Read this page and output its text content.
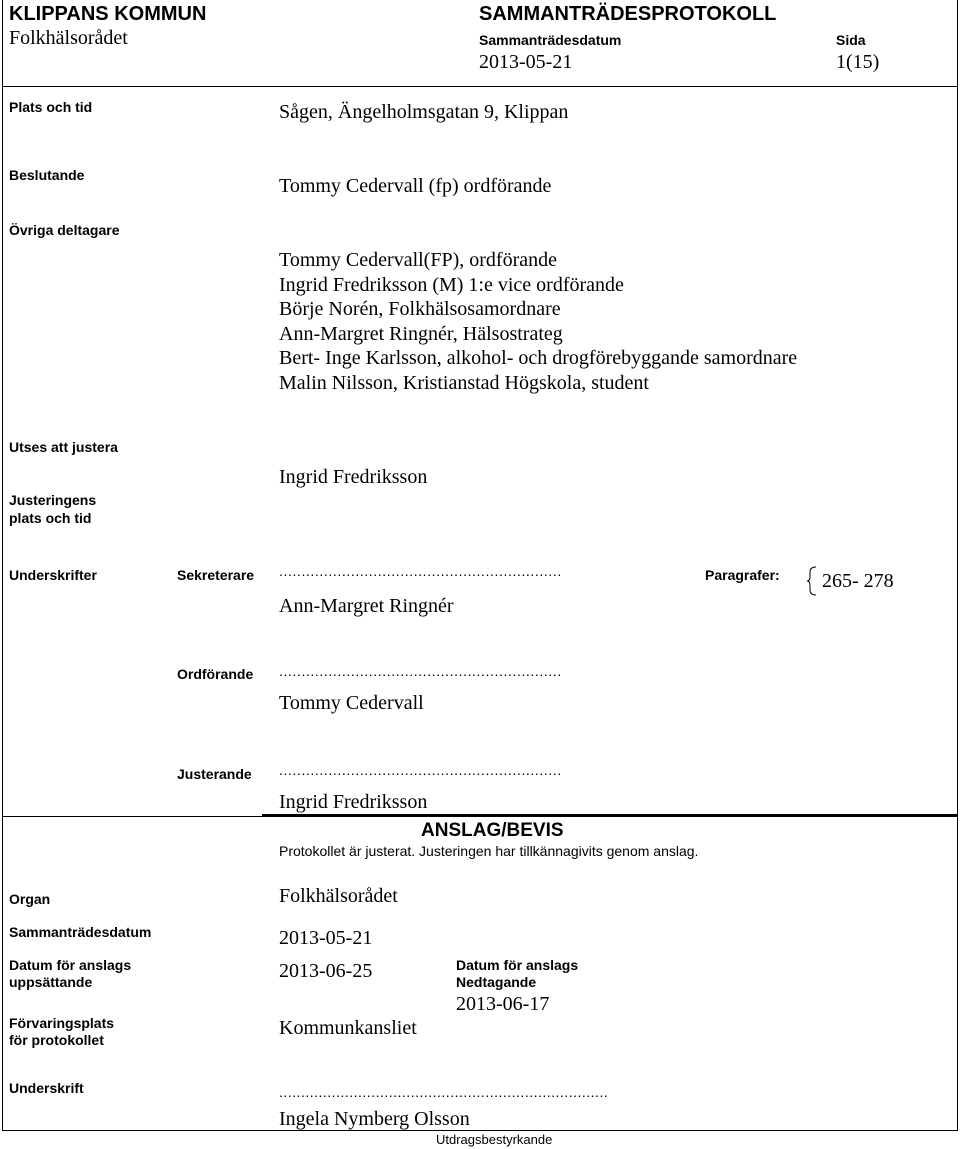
KLIPPANS KOMMUN
Folkhälsorådet
SAMMANTRÄDESPROTOKOLL
Sammanträdesdatum
2013-05-21
Sida
1(15)
Plats och tid	Sågen, Ängelholmsgatan 9, Klippan
Beslutande	Tommy Cedervall (fp) ordförande
Övriga deltagare
Tommy Cedervall(FP), ordförande
Ingrid Fredriksson (M) 1:e vice ordförande
Börje Norén, Folkhälsosamordnare
Ann-Margret Ringnér, Hälsostrateg
Bert- Inge Karlsson, alkohol- och drogförebyggande samordnare
Malin Nilsson, Kristianstad Högskola, student
Utses att justera
Ingrid Fredriksson
Justeringens
plats och tid
Underskrifter	Sekreterare ...............................................................
Ann-Margret Ringnér
Paragrafer: 265- 278
Ordförande ...............................................................
Tommy Cedervall
Justerande ...............................................................
Ingrid Fredriksson
ANSLAG/BEVIS
Protokollet är justerat. Justeringen har tillkännagivits genom anslag.
Organ	Folkhälsorådet
Sammanträdesdatum	2013-05-21
Datum för anslags
uppsättande	2013-06-25	Datum för anslags
Nedtagande
2013-06-17
Förvaringsplats
för protokollet
Kommunkansliet
Underskrift	...........................................................................
Ingela Nymberg Olsson
Utdragsbestyrkande
